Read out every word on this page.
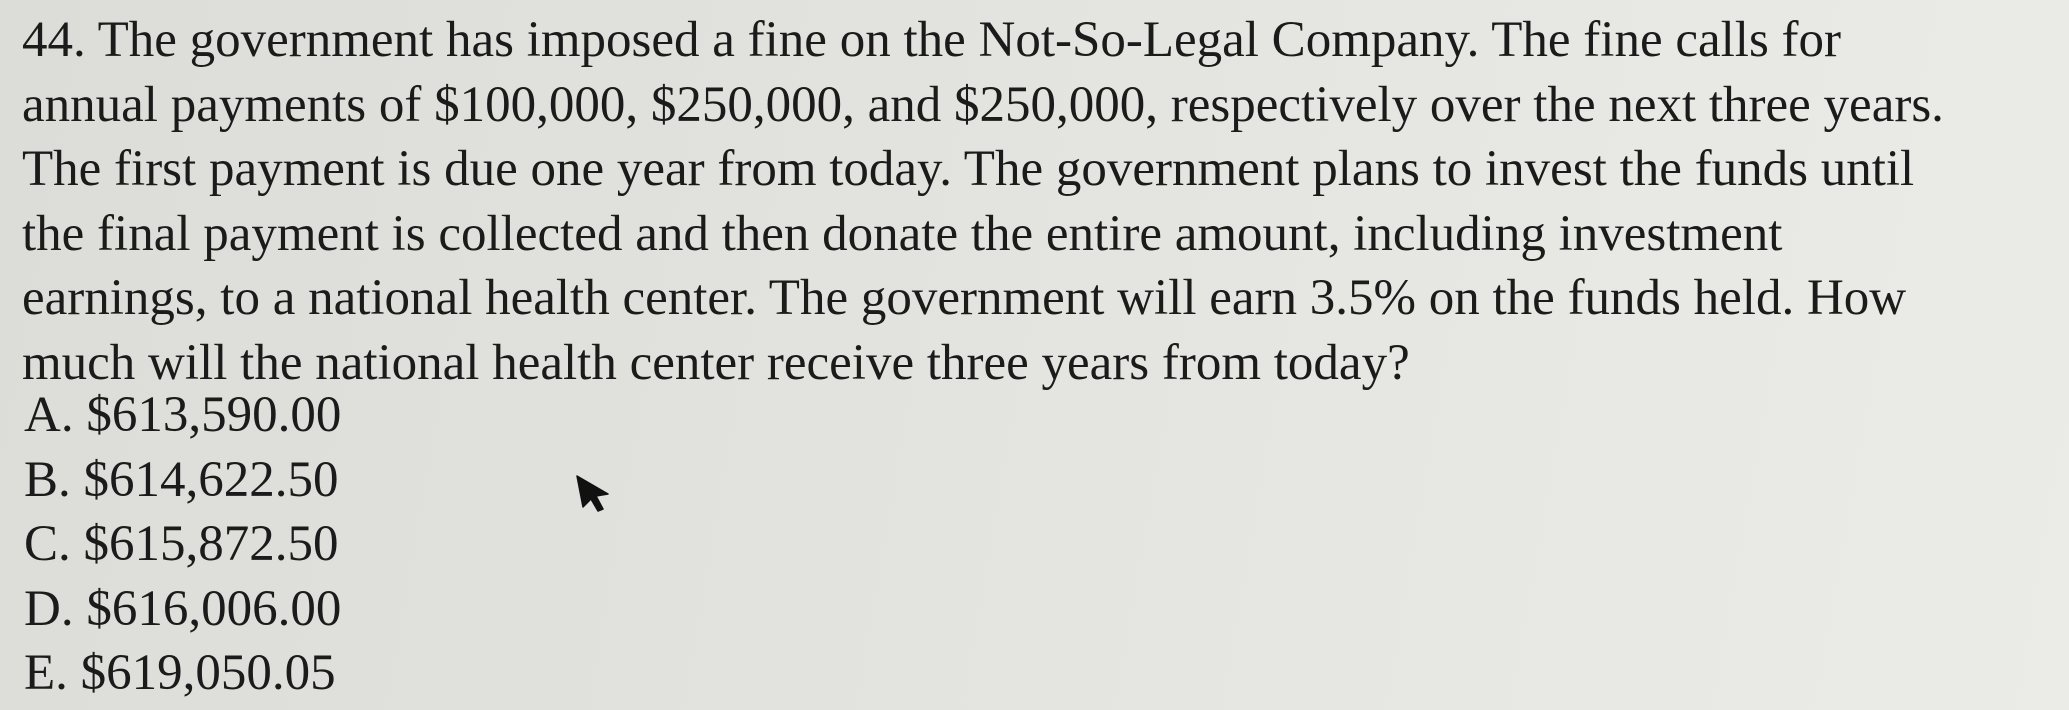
44. The government has imposed a fine on the Not-So-Legal Company. The fine calls for
annual payments of $100,000, $250,000, and $250,000, respectively over the next three years.
The first payment is due one year from today. The government plans to invest the funds until
the final payment is collected and then donate the entire amount, including investment
earnings, to a national health center. The government will earn 3.5% on the funds held. How
much will the national health center receive three years from today?
A. $613,590.00
B. $614,622.50
C. $615,872.50
D. $616,006.00
E. $619,050.05
